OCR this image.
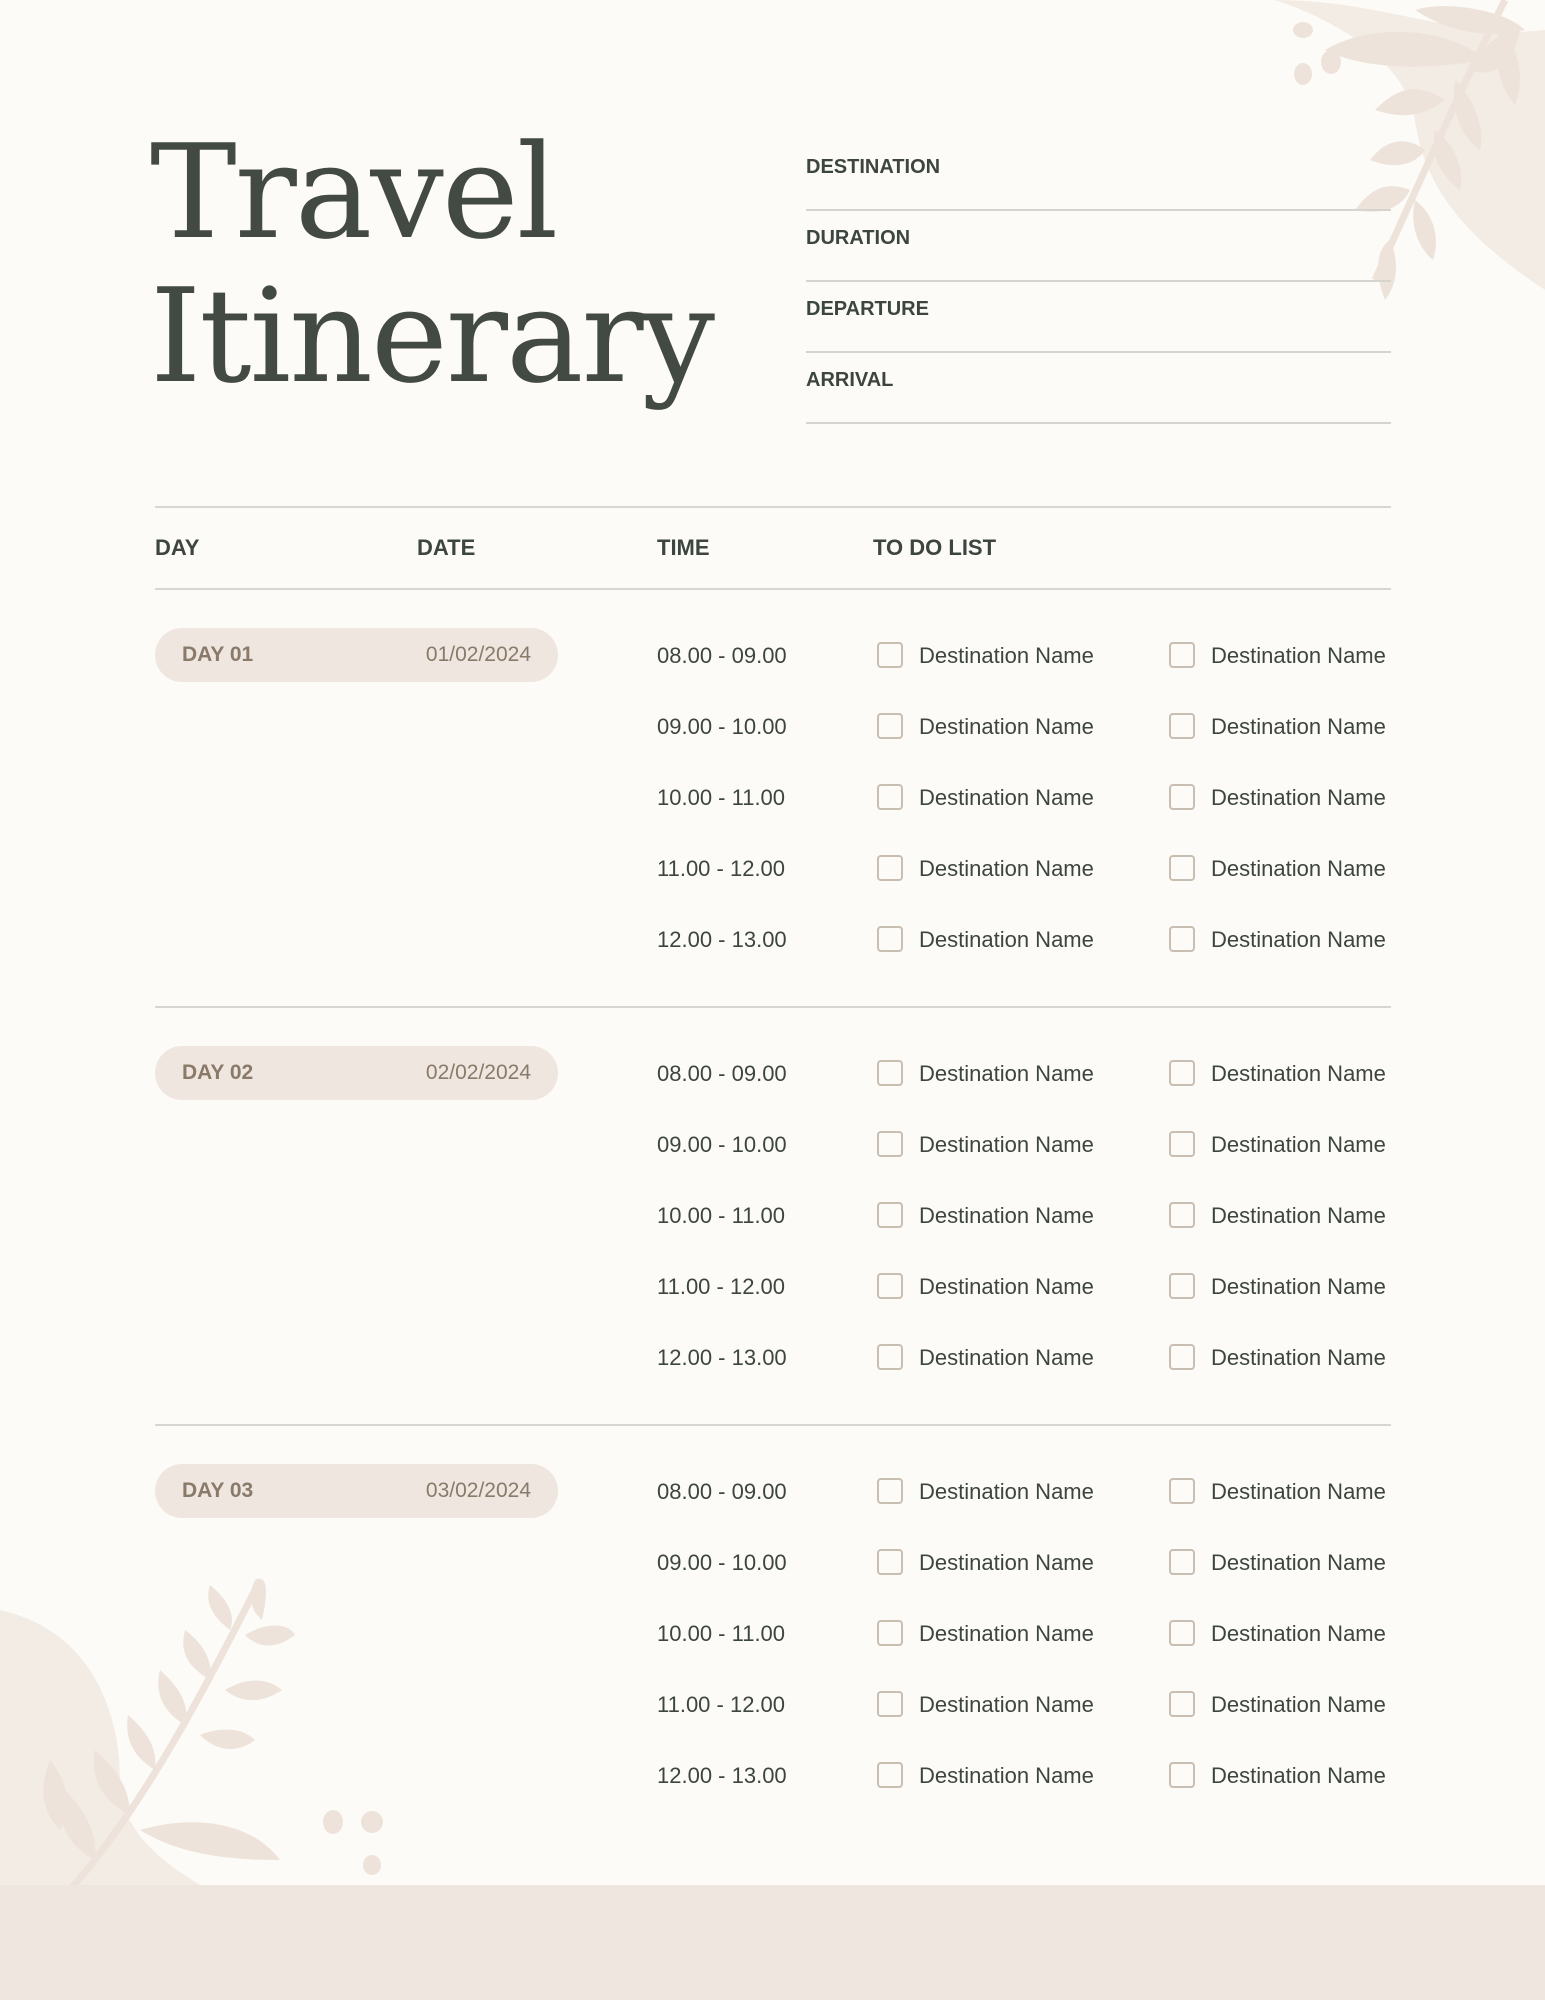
Travel
Itinerary
DESTINATION
DURATION
DEPARTURE
ARRIVAL
DAY	DATE	TIME	TO DO LIST
DAY 01	01/02/2024	08.00 - 09.00	Destination Name	Destination Name
09.00 - 10.00	Destination Name	Destination Name
10.00 - 11.00	Destination Name	Destination Name
11.00 - 12.00	Destination Name	Destination Name
12.00 - 13.00	Destination Name	Destination Name
DAY 02	02/02/2024	08.00 - 09.00	Destination Name	Destination Name
09.00 - 10.00	Destination Name	Destination Name
10.00 - 11.00	Destination Name	Destination Name
11.00 - 12.00	Destination Name	Destination Name
12.00 - 13.00	Destination Name	Destination Name
DAY 03	03/02/2024	08.00 - 09.00	Destination Name	Destination Name
09.00 - 10.00	Destination Name	Destination Name
10.00 - 11.00	Destination Name	Destination Name
11.00 - 12.00	Destination Name	Destination Name
12.00 - 13.00	Destination Name	Destination Name
